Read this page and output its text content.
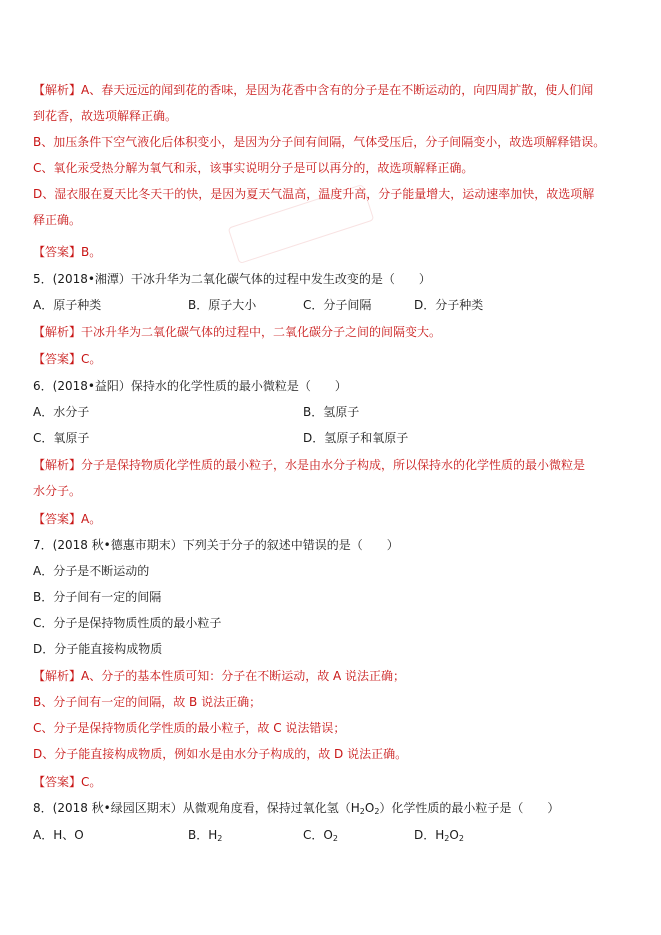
【解析】A、春天远远的闻到花的香味，是因为花香中含有的分子是在不断运动的，向四周扩散，使人们闻
到花香，故选项解释正确。
B、加压条件下空气液化后体积变小，是因为分子间有间隔，气体受压后，分子间隔变小，故选项解释错误。
C、氧化汞受热分解为氧气和汞，该事实说明分子是可以再分的，故选项解释正确。
D、湿衣服在夏天比冬天干的快，是因为夏天气温高，温度升高，分子能量增大，运动速率加快，故选项解
释正确。
【答案】B。
5．(2018•湘潭）干冰升华为二氧化碳气体的过程中发生改变的是（　　）
A．原子种类	B．原子大小	C．分子间隔	D．分子种类
【解析】干冰升华为二氧化碳气体的过程中，二氧化碳分子之间的间隔变大。
【答案】C。
6．(2018•益阳）保持水的化学性质的最小微粒是（　　）
A．水分子	B．氢原子
C．氧原子	D．氢原子和氧原子
【解析】分子是保持物质化学性质的最小粒子，水是由水分子构成，所以保持水的化学性质的最小微粒是
水分子。
【答案】A。
7．(2018 秋•德惠市期末）下列关于分子的叙述中错误的是（　　）
A．分子是不断运动的
B．分子间有一定的间隔
C．分子是保持物质性质的最小粒子
D．分子能直接构成物质
【解析】A、分子的基本性质可知：分子在不断运动，故 A 说法正确；
B、分子间有一定的间隔，故 B 说法正确；
C、分子是保持物质化学性质的最小粒子，故 C 说法错误；
D、分子能直接构成物质，例如水是由水分子构成的，故 D 说法正确。
【答案】C。
8．(2018 秋•绿园区期末）从微观角度看，保持过氧化氢$(H_2O_2)$化学性质的最小粒子是（　　）
A．H、O	B．$H_2$	C．$O_2$	D．$H_2O_2$
